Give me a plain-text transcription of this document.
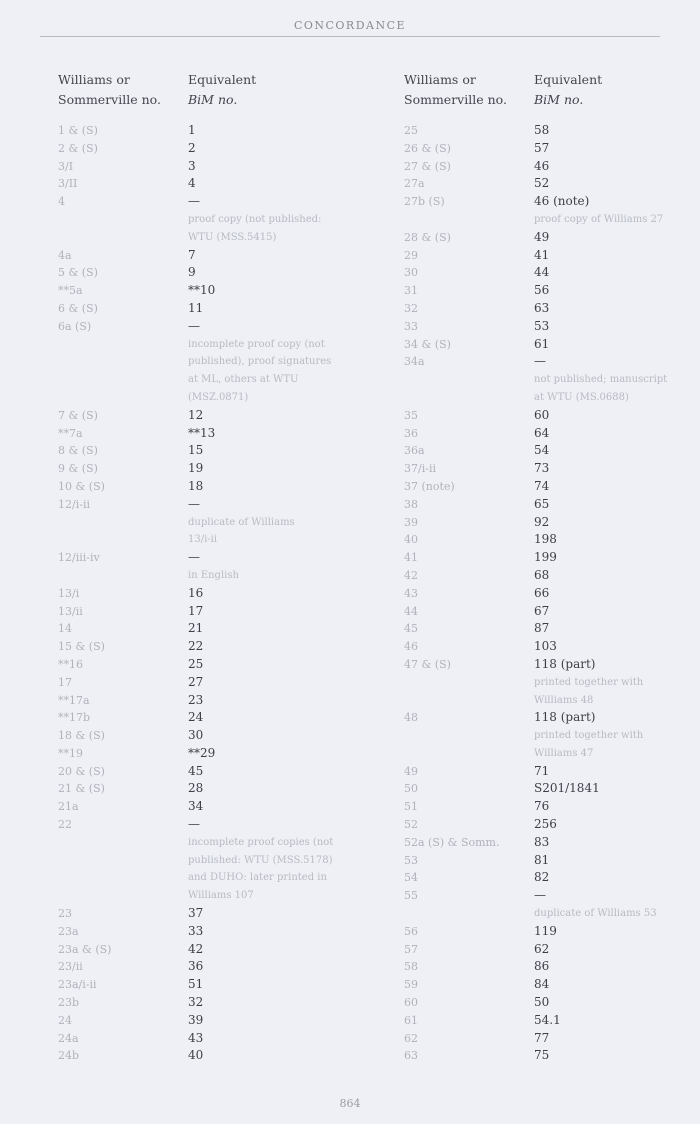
CONCORDANCE
Williams or
Sommerville no.
Equivalent
BiM no.
1 & (S)	1
2 & (S)	2
3/I	3
3/II	4
4	—
proof copy (not published:
WTU (MSS.5415)
4a	7
5 & (S)	9
**5a	**10
6 & (S)	11
6a (S)	—
incomplete proof copy (not
published), proof signatures
at ML, others at WTU
(MSZ.0871)
7 & (S)	12
**7a	**13
8 & (S)	15
9 & (S)	19
10 & (S)	18
12/i-ii	—
duplicate of Williams
13/i-ii
12/iii-iv	—
in English
13/i	16
13/ii	17
14	21
15 & (S)	22
**16	25
17	27
**17a	23
**17b	24
18 & (S)	30
**19	**29
20 & (S)	45
21 & (S)	28
21a	34
22	—
incomplete proof copies (not
published: WTU (MSS.5178)
and DUHO: later printed in
Williams 107
23	37
23a	33
23a & (S)	42
23/ii	36
23a/i-ii	51
23b	32
24	39
24a	43
24b	40
Williams or
Sommerville no.
Equivalent
BiM no.
25	58
26 & (S)	57
27 & (S)	46
27a	52
27b (S)	46 (note)
proof copy of Williams 27
28 & (S)	49
29	41
30	44
31	56
32	63
33	53
34 & (S)	61
34a	—
not published; manuscript
at WTU (MS.0688)
35	60
36	64
36a	54
37/i-ii	73
37 (note)	74
38	65
39	92
40	198
41	199
42	68
43	66
44	67
45	87
46	103
47 & (S)	118 (part)
printed together with
Williams 48
48	118 (part)
printed together with
Williams 47
49	71
50	S201/1841
51	76
52	256
52a (S) & Somm.	83
53	81
54	82
55	—
duplicate of Williams 53
56	119
57	62
58	86
59	84
60	50
61	54.1
62	77
63	75
864
